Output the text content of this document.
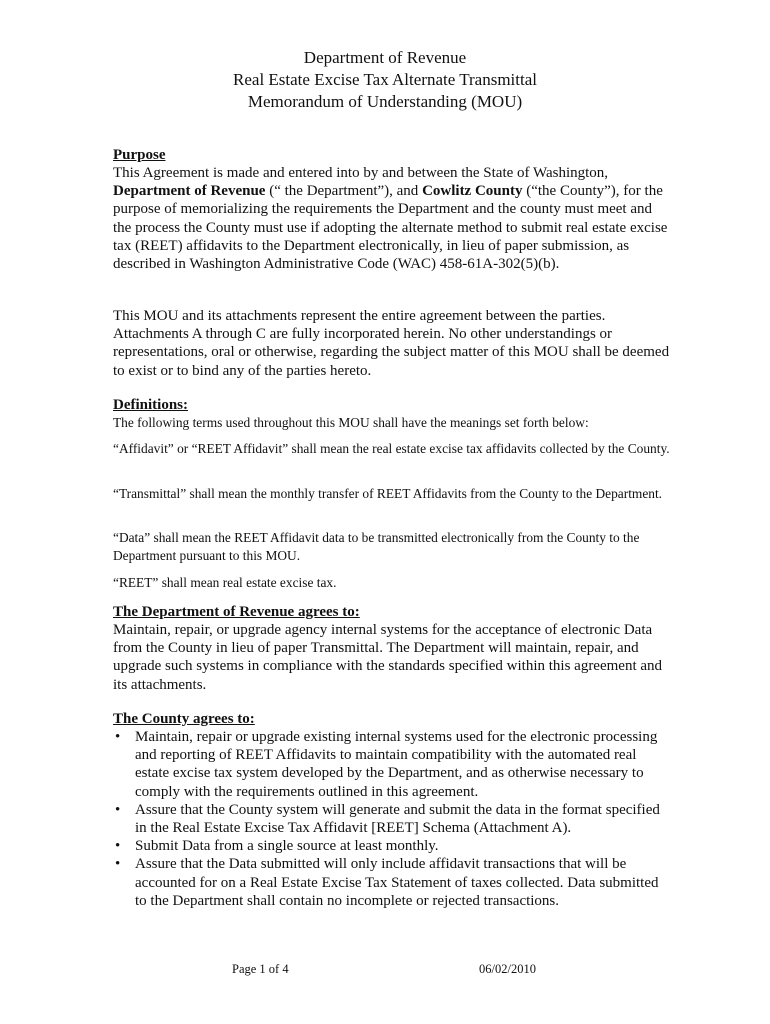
Department of Revenue
Real Estate Excise Tax Alternate Transmittal
Memorandum of Understanding (MOU)
Purpose

This Agreement is made and entered into by and between the State of Washington, Department of Revenue (“ the Department”), and Cowlitz County (“the County”), for the purpose of memorializing the requirements the Department and the county must meet and the process the County must use if adopting the alternate method to submit real estate excise tax (REET) affidavits to the Department electronically, in lieu of paper submission, as described in Washington Administrative Code (WAC) 458-61A-302(5)(b).

This MOU and its attachments represent the entire agreement between the parties. Attachments A through C are fully incorporated herein. No other understandings or representations, oral or otherwise, regarding the subject matter of this MOU shall be deemed to exist or to bind any of the parties hereto.
Definitions:

The following terms used throughout this MOU shall have the meanings set forth below:

“Affidavit” or “REET Affidavit” shall mean the real estate excise tax affidavits collected by the County.

“Transmittal” shall mean the monthly transfer of REET Affidavits from the County to the Department.

“Data” shall mean the REET Affidavit data to be transmitted electronically from the County to the Department pursuant to this MOU.

“REET” shall mean real estate excise tax.

The Department of Revenue agrees to:

Maintain, repair, or upgrade agency internal systems for the acceptance of electronic Data from the County in lieu of paper Transmittal. The Department will maintain, repair, and upgrade such systems in compliance with the standards specified within this agreement and its attachments.

The County agrees to:
• Maintain, repair or upgrade existing internal systems used for the electronic processing and reporting of REET Affidavits to maintain compatibility with the automated real estate excise tax system developed by the Department, and as otherwise necessary to comply with the requirements outlined in this agreement.
• Assure that the County system will generate and submit the data in the format specified in the Real Estate Excise Tax Affidavit [REET] Schema (Attachment A).
• Submit Data from a single source at least monthly.
• Assure that the Data submitted will only include affidavit transactions that will be accounted for on a Real Estate Excise Tax Statement of taxes collected. Data submitted to the Department shall contain no incomplete or rejected transactions.
Page 1 of 4	06/02/2010
